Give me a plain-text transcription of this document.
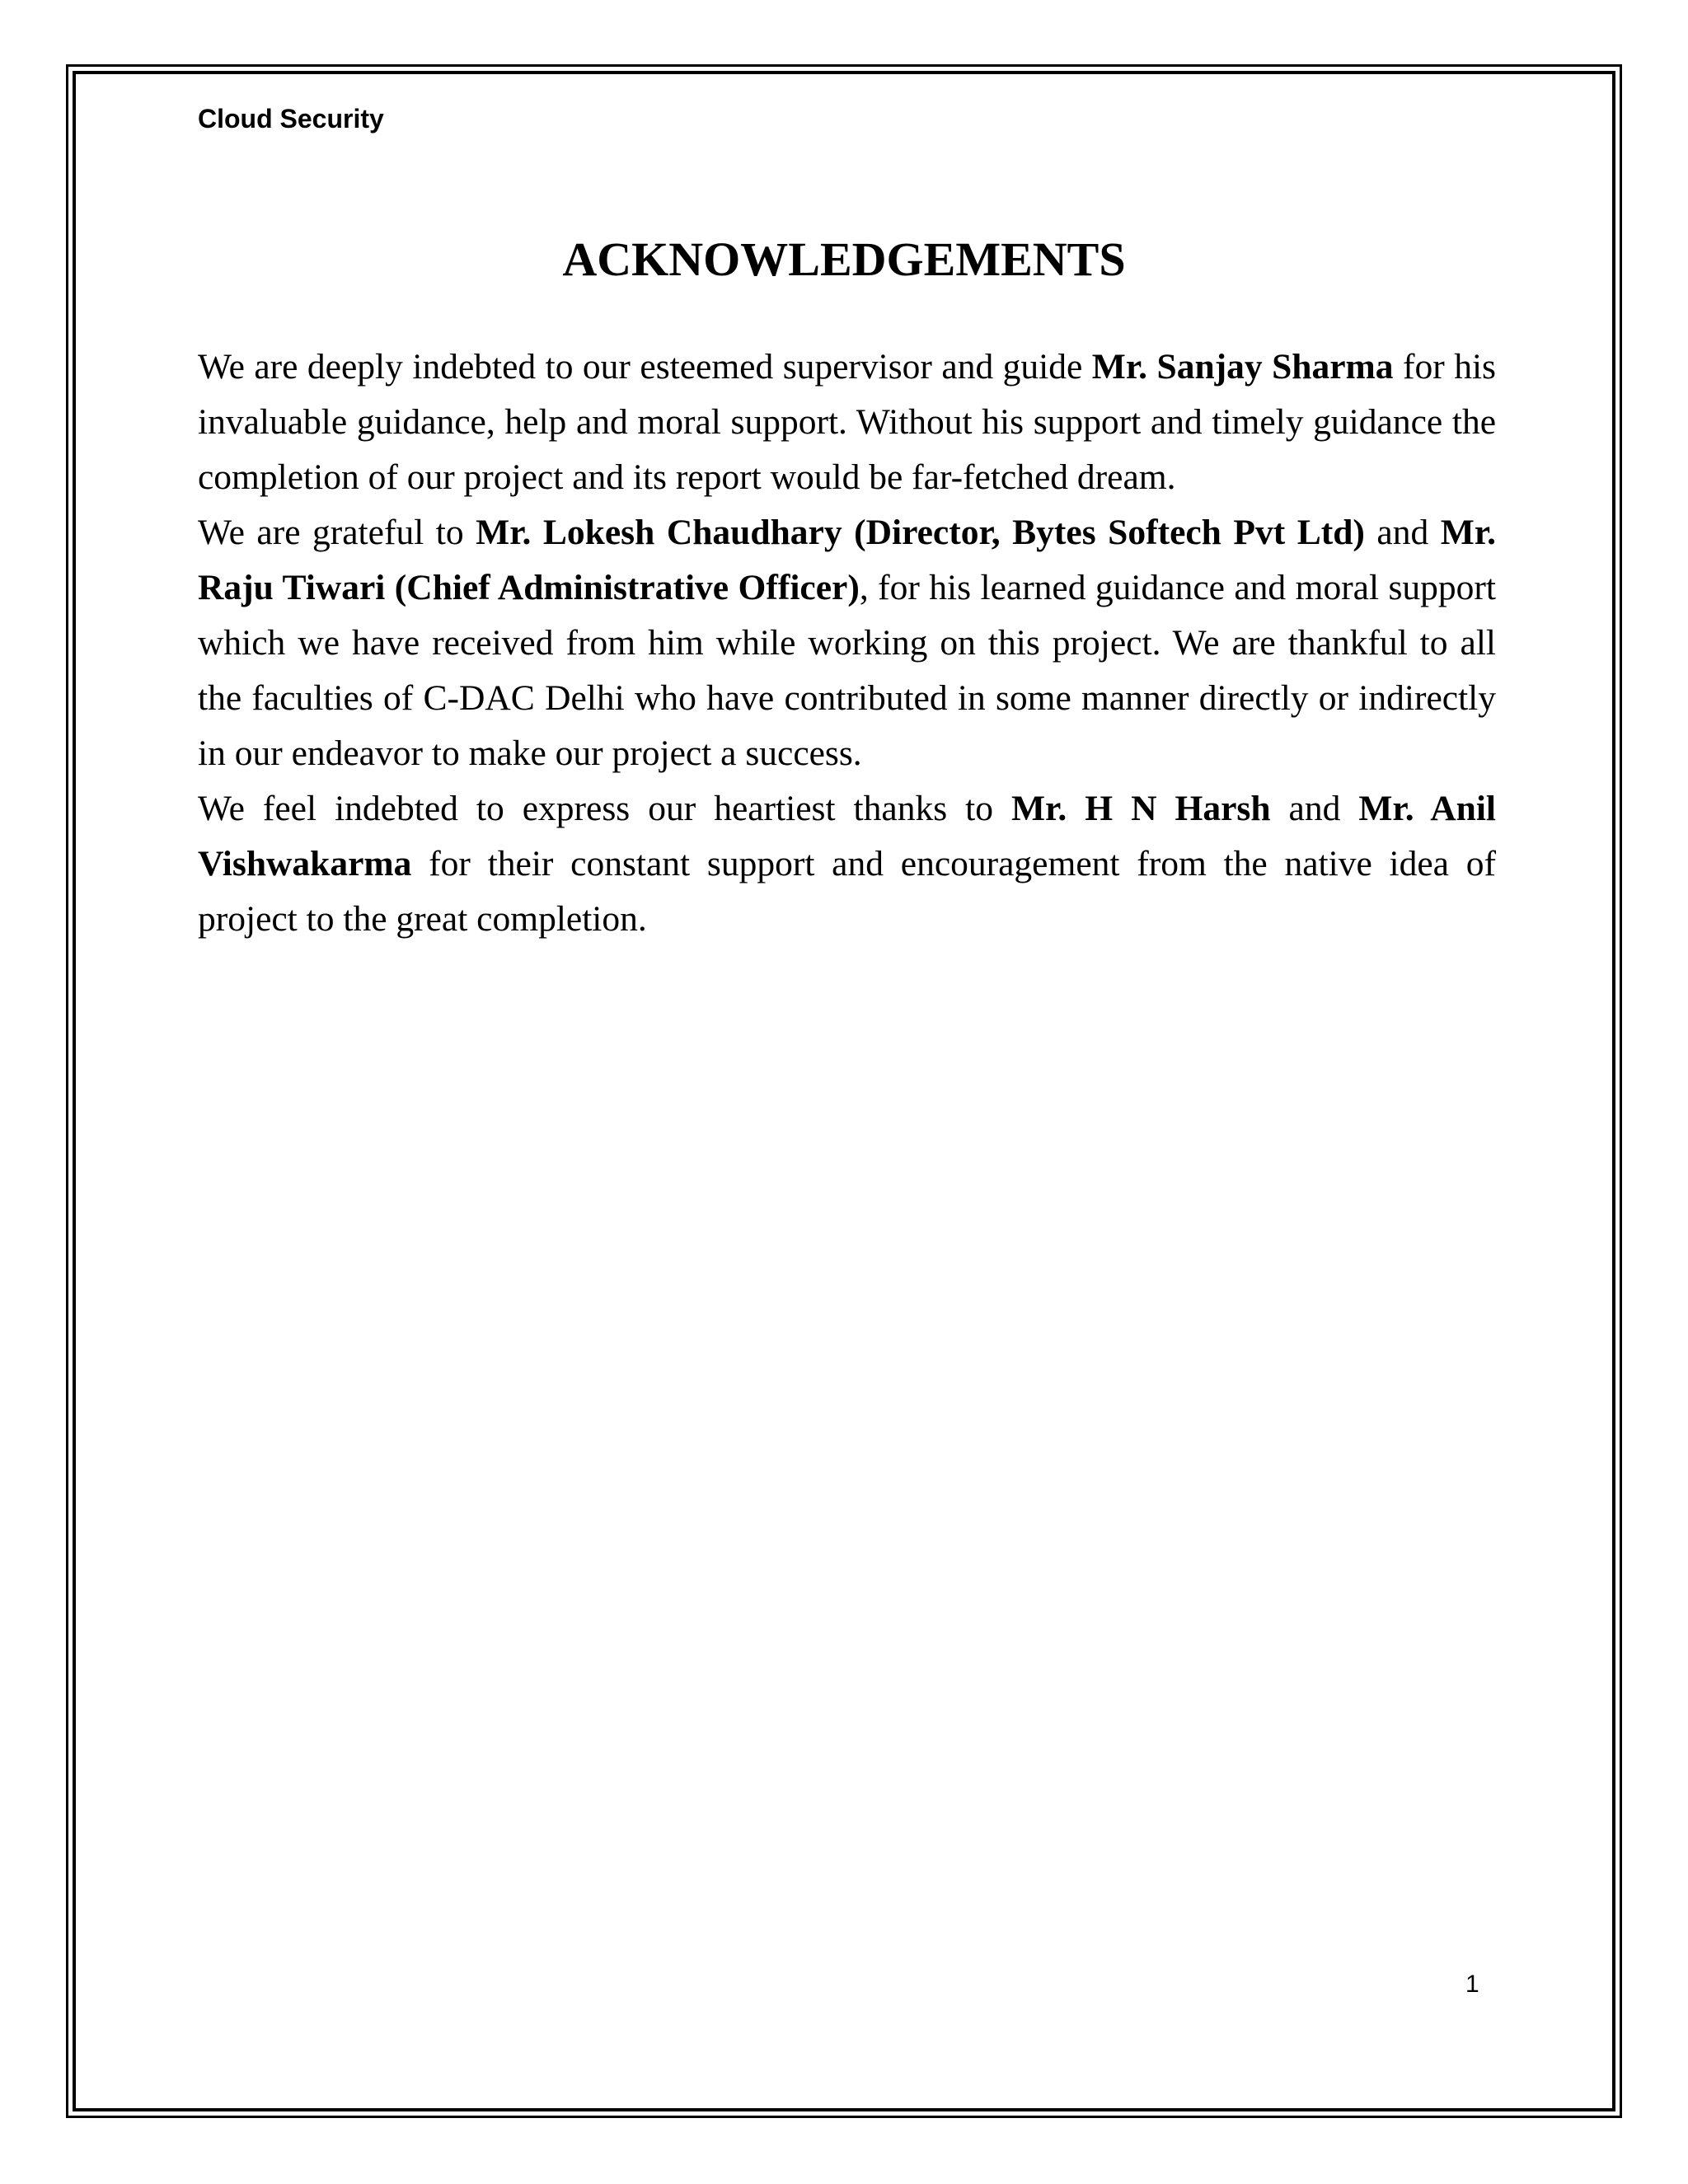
Cloud Security
ACKNOWLEDGEMENTS

We are deeply indebted to our esteemed supervisor and guide Mr. Sanjay Sharma for his invaluable guidance, help and moral support. Without his support and timely guidance the completion of our project and its report would be far-fetched dream.

We are grateful to Mr. Lokesh Chaudhary (Director, Bytes Softech Pvt Ltd) and Mr. Raju Tiwari (Chief Administrative Officer), for his learned guidance and moral support which we have received from him while working on this project. We are thankful to all the faculties of C-DAC Delhi who have contributed in some manner directly or indirectly in our endeavor to make our project a success.

We feel indebted to express our heartiest thanks to Mr. H N Harsh and Mr. Anil Vishwakarma for their constant support and encouragement from the native idea of project to the great completion.

1
